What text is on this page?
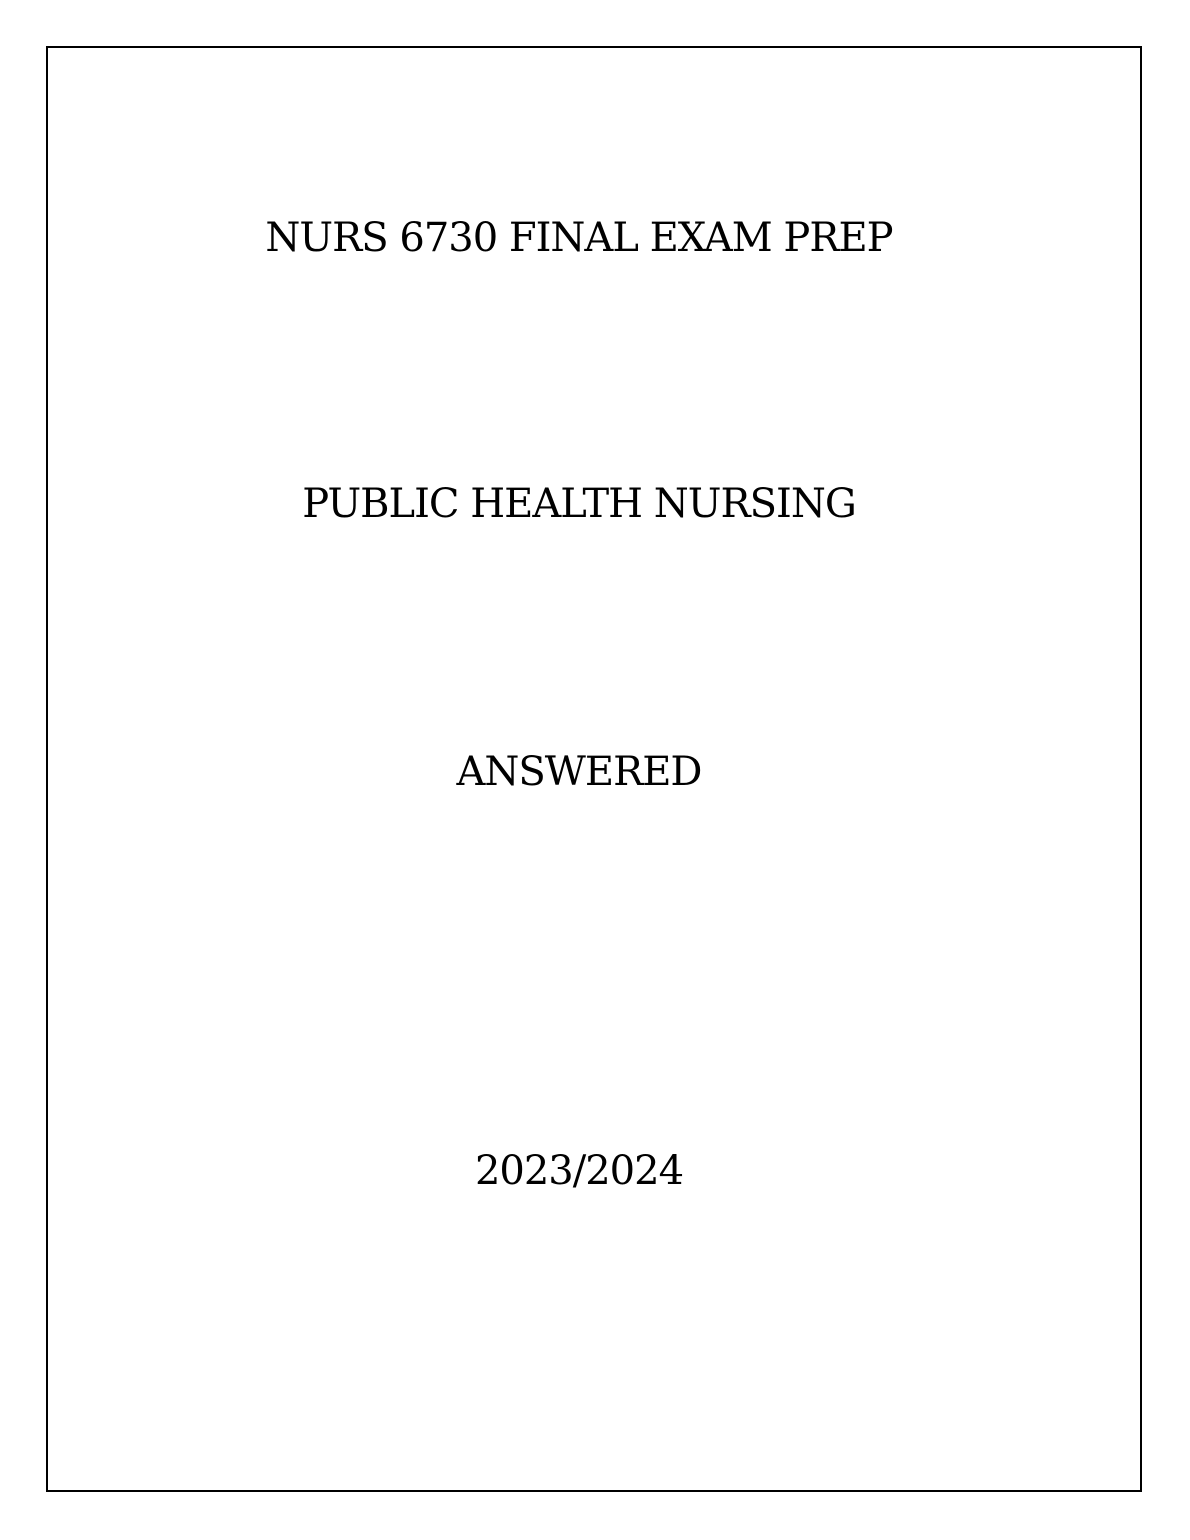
NURS 6730 FINAL EXAM PREP
PUBLIC HEALTH NURSING
ANSWERED
2023/2024
